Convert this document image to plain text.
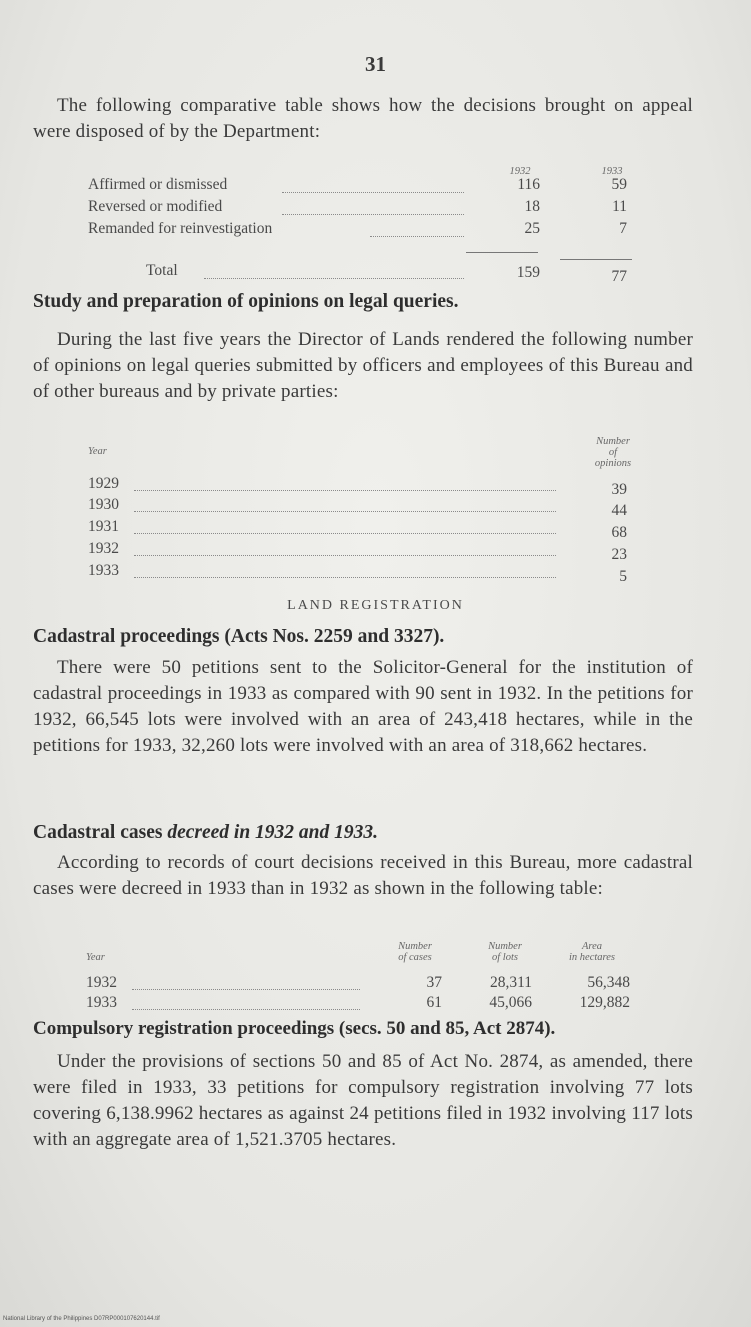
31
The following comparative table shows how the decisions brought on appeal were disposed of by the Department:
1932	1933
Affirmed or dismissed	116	59
Reversed or modified	18	11
Remanded for reinvestigation	25	7
Total	159	77
Study and preparation of opinions on legal queries.
During the last five years the Director of Lands rendered the following number of opinions on legal queries submitted by officers and employees of this Bureau and of other bureaus and by private parties:
Year
Number
of
opinions
1929	39
1930	44
1931	68
1932	23
1933	5
LAND REGISTRATION
Cadastral proceedings (Acts Nos. 2259 and 3327).
There were 50 petitions sent to the Solicitor-General for the institution of cadastral proceedings in 1933 as compared with 90 sent in 1932. In the petitions for 1932, 66,545 lots were involved with an area of 243,418 hectares, while in the petitions for 1933, 32,260 lots were involved with an area of 318,662 hectares.
Cadastral cases decreed in 1932 and 1933.
According to records of court decisions received in this Bureau, more cadastral cases were decreed in 1933 than in 1932 as shown in the following table:
Year
Number
of cases
Number
of lots
Area
in hectares
1932	37	28,311	56,348
1933	61	45,066	129,882
Compulsory registration proceedings (secs. 50 and 85, Act 2874).
Under the provisions of sections 50 and 85 of Act No. 2874, as amended, there were filed in 1933, 33 petitions for compulsory registration involving 77 lots covering 6,138.9962 hectares as against 24 petitions filed in 1932 involving 117 lots with an aggregate area of 1,521.3705 hectares.
National Library of the Philippines D07RP000107620144.tif
